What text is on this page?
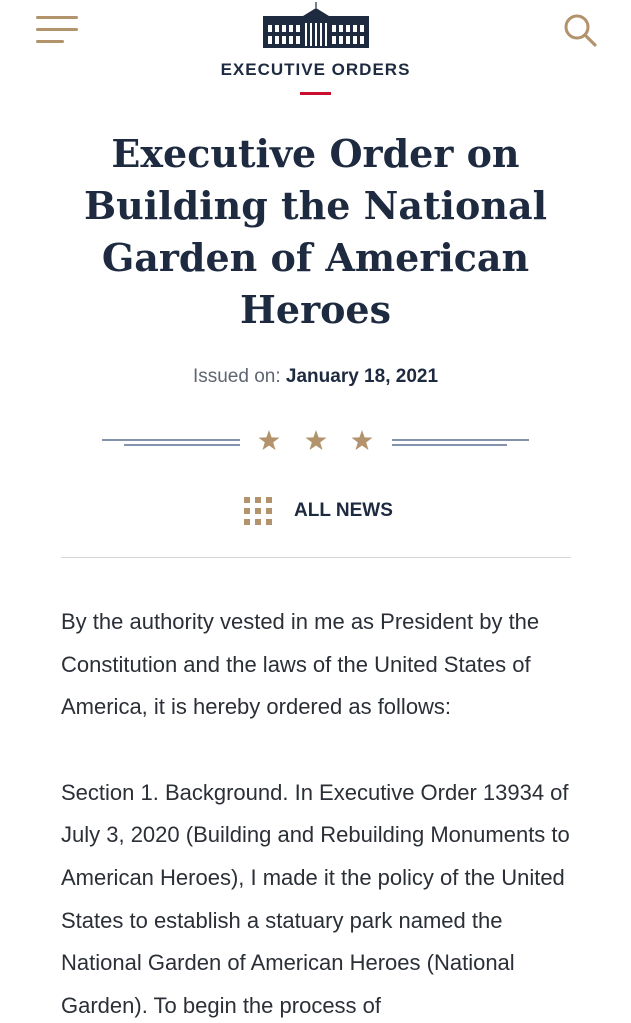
EXECUTIVE ORDERS
Executive Order on Building the National Garden of American Heroes
Issued on: January 18, 2021
ALL NEWS

By the authority vested in me as President by the Constitution and the laws of the United States of America, it is hereby ordered as follows:

Section 1. Background. In Executive Order 13934 of July 3, 2020 (Building and Rebuilding Monuments to American Heroes), I made it the policy of the United States to establish a statuary park named the National Garden of American Heroes (National Garden). To begin the process of
